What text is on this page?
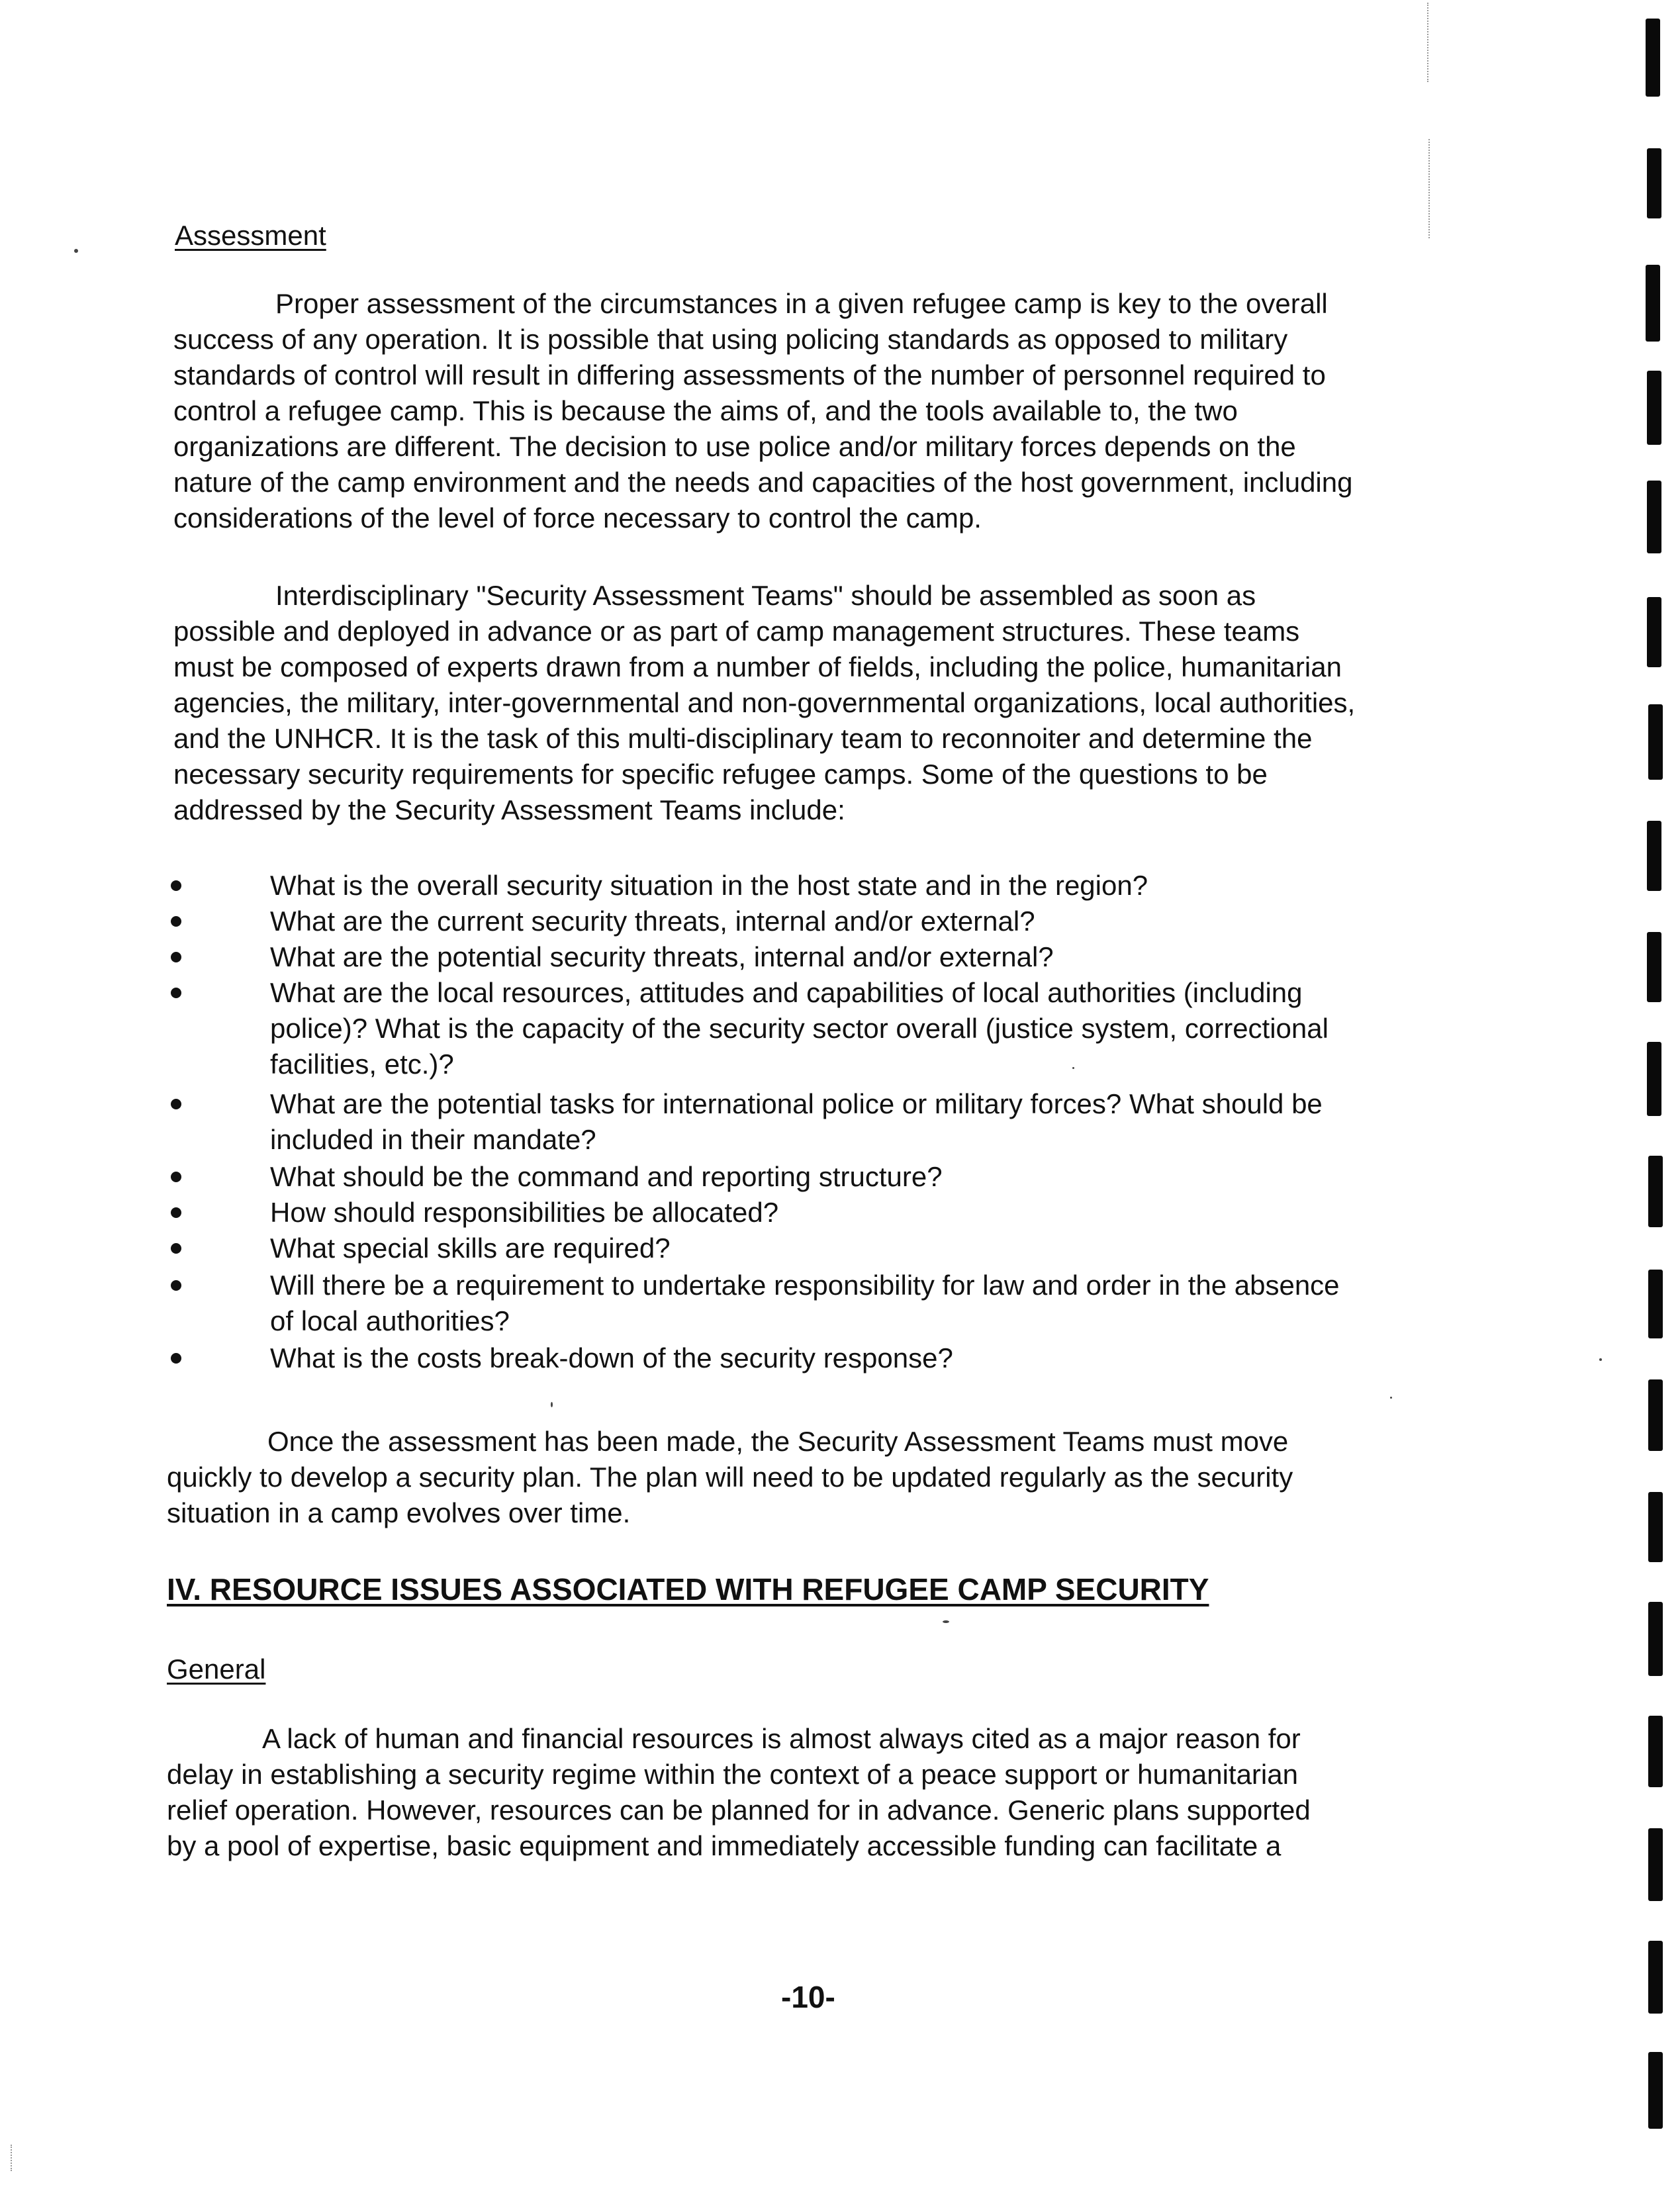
Assessment
Proper assessment of the circumstances in a given refugee camp is key to the overall
success of any operation. It is possible that using policing standards as opposed to military
standards of control will result in differing assessments of the number of personnel required to
control a refugee camp. This is because the aims of, and the tools available to, the two
organizations are different. The decision to use police and/or military forces depends on the
nature of the camp environment and the needs and capacities of the host government, including
considerations of the level of force necessary to control the camp.
Interdisciplinary "Security Assessment Teams" should be assembled as soon as
possible and deployed in advance or as part of camp management structures. These teams
must be composed of experts drawn from a number of fields, including the police, humanitarian
agencies, the military, inter-governmental and non-governmental organizations, local authorities,
and the UNHCR. It is the task of this multi-disciplinary team to reconnoiter and determine the
necessary security requirements for specific refugee camps. Some of the questions to be
addressed by the Security Assessment Teams include:
What is the overall security situation in the host state and in the region?
What are the current security threats, internal and/or external?
What are the potential security threats, internal and/or external?
What are the local resources, attitudes and capabilities of local authorities (including
police)? What is the capacity of the security sector overall (justice system, correctional
facilities, etc.)?
What are the potential tasks for international police or military forces? What should be
included in their mandate?
What should be the command and reporting structure?
How should responsibilities be allocated?
What special skills are required?
Will there be a requirement to undertake responsibility for law and order in the absence
of local authorities?
What is the costs break-down of the security response?
Once the assessment has been made, the Security Assessment Teams must move
quickly to develop a security plan. The plan will need to be updated regularly as the security
situation in a camp evolves over time.
IV. RESOURCE ISSUES ASSOCIATED WITH REFUGEE CAMP SECURITY
General
A lack of human and financial resources is almost always cited as a major reason for
delay in establishing a security regime within the context of a peace support or humanitarian
relief operation. However, resources can be planned for in advance. Generic plans supported
by a pool of expertise, basic equipment and immediately accessible funding can facilitate a
-10-
